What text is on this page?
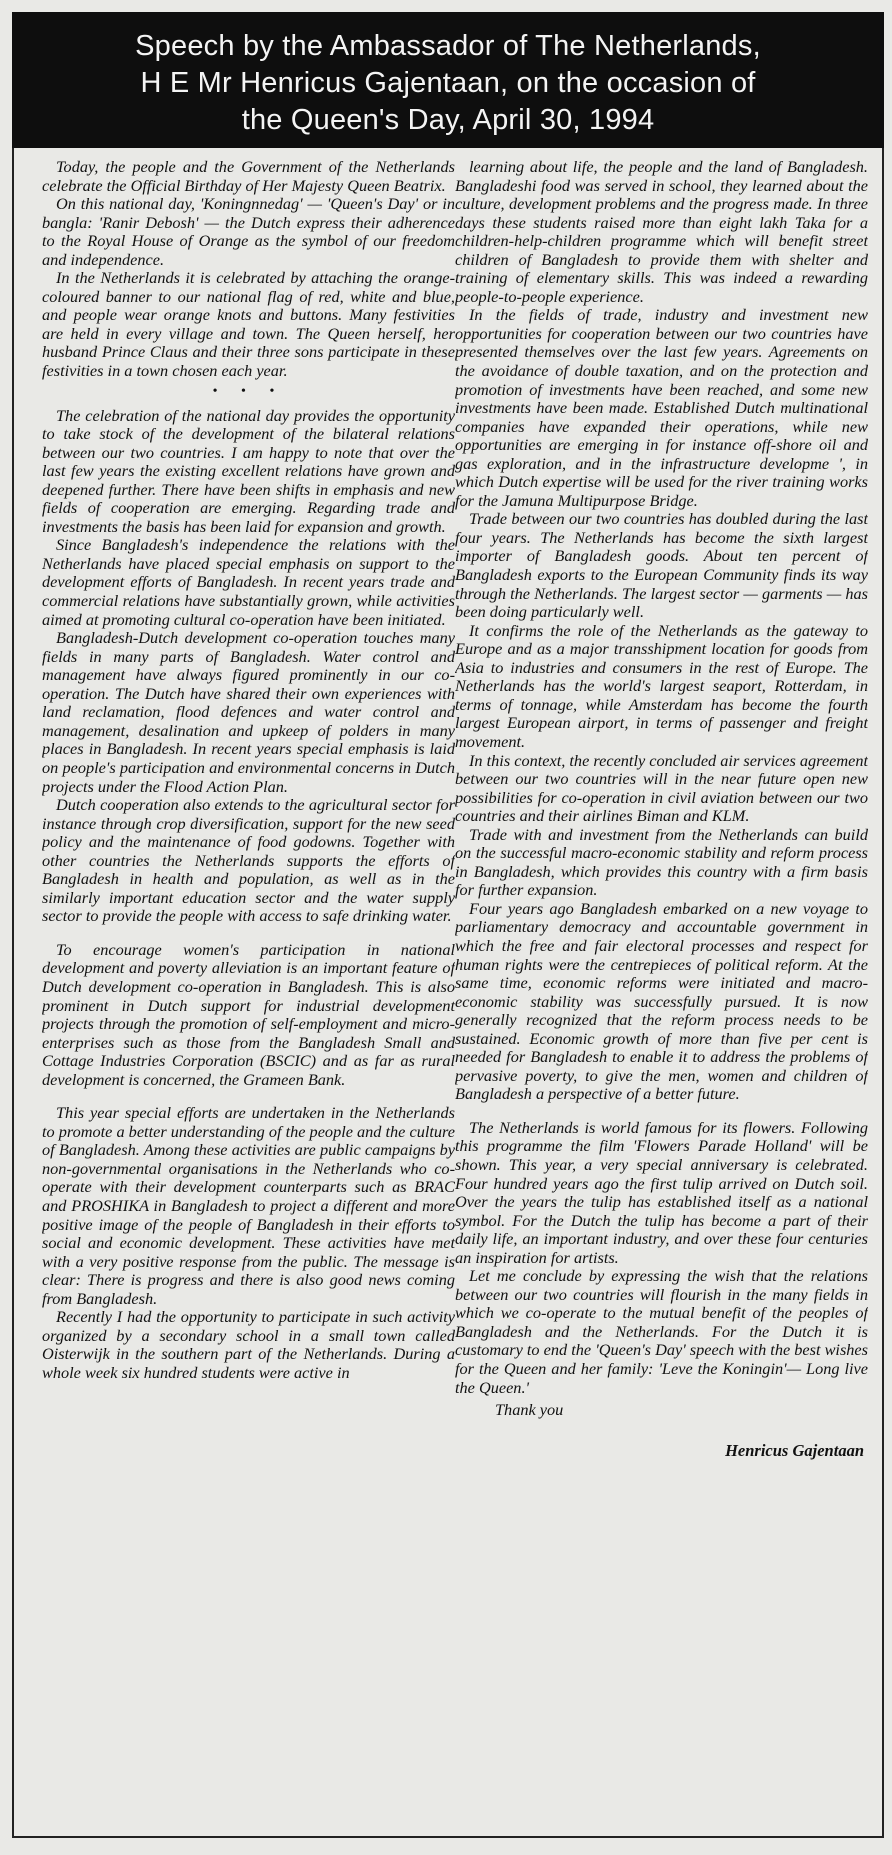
Speech by the Ambassador of The Netherlands,
H E Mr Henricus Gajentaan, on the occasion of
the Queen's Day, April 30, 1994

Today, the people and the Government of the Netherlands celebrate the Official Birthday of Her Majesty Queen Beatrix.

On this national day, 'Koningnnedag' — 'Queen's Day' or in bangla: 'Ranir Debosh' — the Dutch express their adherence to the Royal House of Orange as the symbol of our freedom and independence.

In the Netherlands it is celebrated by attaching the orange-coloured banner to our national flag of red, white and blue, and people wear orange knots and buttons. Many festivities are held in every village and town. The Queen herself, her husband Prince Claus and their three sons participate in these festivities in a town chosen each year.

• • •

The celebration of the national day provides the opportunity to take stock of the development of the bilateral relations between our two countries. I am happy to note that over the last few years the existing excellent relations have grown and deepened further. There have been shifts in emphasis and new fields of cooperation are emerging. Regarding trade and investments the basis has been laid for expansion and growth.

Since Bangladesh's independence the relations with the Netherlands have placed special emphasis on support to the development efforts of Bangladesh. In recent years trade and commercial relations have substantially grown, while activities aimed at promoting cultural co-operation have been initiated.

Bangladesh-Dutch development co-operation touches many fields in many parts of Bangladesh. Water control and management have always figured prominently in our co-operation. The Dutch have shared their own experiences with land reclamation, flood defences and water control and management, desalination and upkeep of polders in many places in Bangladesh. In recent years special emphasis is laid on people's participation and environmental concerns in Dutch projects under the Flood Action Plan.

Dutch cooperation also extends to the agricultural sector for instance through crop diversification, support for the new seed policy and the maintenance of food godowns. Together with other countries the Netherlands supports the efforts of Bangladesh in health and population, as well as in the similarly important education sector and the water supply sector to provide the people with access to safe drinking water.

To encourage women's participation in national development and poverty alleviation is an important feature of Dutch development co-operation in Bangladesh. This is also prominent in Dutch support for industrial development projects through the promotion of self-employment and micro-enterprises such as those from the Bangladesh Small and Cottage Industries Corporation (BSCIC) and as far as rural development is concerned, the Grameen Bank.

This year special efforts are undertaken in the Netherlands to promote a better understanding of the people and the culture of Bangladesh. Among these activities are public campaigns by non-governmental organisations in the Netherlands who co-operate with their development counterparts such as BRAC and PROSHIKA in Bangladesh to project a different and more positive image of the people of Bangladesh in their efforts to social and economic development. These activities have met with a very positive response from the public. The message is clear: There is progress and there is also good news coming from Bangladesh.

Recently I had the opportunity to participate in such activity organized by a secondary school in a small town called Oisterwijk in the southern part of the Netherlands. During a whole week six hundred students were active in

learning about life, the people and the land of Bangladesh. Bangladeshi food was served in school, they learned about the culture, development problems and the progress made. In three days these students raised more than eight lakh Taka for a children-help-children programme which will benefit street children of Bangladesh to provide them with shelter and training of elementary skills. This was indeed a rewarding people-to-people experience.

In the fields of trade, industry and investment new opportunities for cooperation between our two countries have presented themselves over the last few years. Agreements on the avoidance of double taxation, and on the protection and promotion of investments have been reached, and some new investments have been made. Established Dutch multinational companies have expanded their operations, while new opportunities are emerging in for instance off-shore oil and gas exploration, and in the infrastructure developme ', in which Dutch expertise will be used for the river training works for the Jamuna Multipurpose Bridge.

Trade between our two countries has doubled during the last four years. The Netherlands has become the sixth largest importer of Bangladesh goods. About ten percent of Bangladesh exports to the European Community finds its way through the Netherlands. The largest sector — garments — has been doing particularly well.

It confirms the role of the Netherlands as the gateway to Europe and as a major transshipment location for goods from Asia to industries and consumers in the rest of Europe. The Netherlands has the world's largest seaport, Rotterdam, in terms of tonnage, while Amsterdam has become the fourth largest European airport, in terms of passenger and freight movement.

In this context, the recently concluded air services agreement between our two countries will in the near future open new possibilities for co-operation in civil aviation between our two countries and their airlines Biman and KLM.

Trade with and investment from the Netherlands can build on the successful macro-economic stability and reform process in Bangladesh, which provides this country with a firm basis for further expansion.

Four years ago Bangladesh embarked on a new voyage to parliamentary democracy and accountable government in which the free and fair electoral processes and respect for human rights were the centrepieces of political reform. At the same time, economic reforms were initiated and macro-economic stability was successfully pursued. It is now generally recognized that the reform process needs to be sustained. Economic growth of more than five per cent is needed for Bangladesh to enable it to address the problems of pervasive poverty, to give the men, women and children of Bangladesh a perspective of a better future.

The Netherlands is world famous for its flowers. Following this programme the film 'Flowers Parade Holland' will be shown. This year, a very special anniversary is celebrated. Four hundred years ago the first tulip arrived on Dutch soil. Over the years the tulip has established itself as a national symbol. For the Dutch the tulip has become a part of their daily life, an important industry, and over these four centuries an inspiration for artists.

Let me conclude by expressing the wish that the relations between our two countries will flourish in the many fields in which we co-operate to the mutual benefit of the peoples of Bangladesh and the Netherlands. For the Dutch it is customary to end the 'Queen's Day' speech with the best wishes for the Queen and her family: 'Leve the Koningin'— Long live the Queen.'

Thank you

Henricus Gajentaan
